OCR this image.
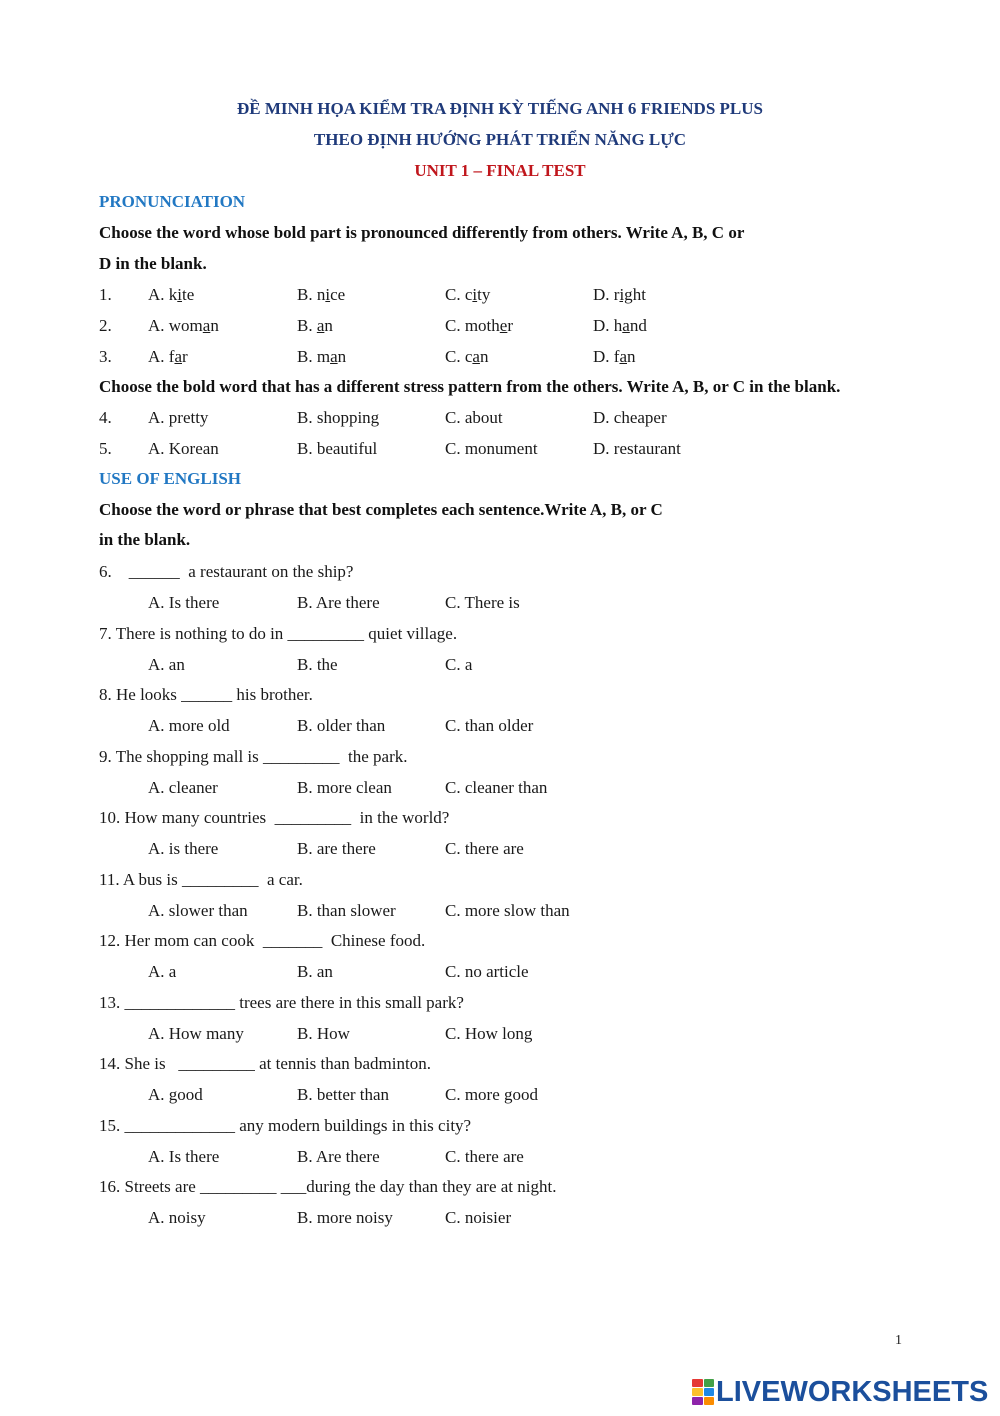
ĐỀ MINH HỌA KIỂM TRA ĐỊNH KỲ TIẾNG ANH 6 FRIENDS PLUS
THEO ĐỊNH HƯỚNG PHÁT TRIỂN NĂNG LỰC
UNIT 1 – FINAL TEST
PRONUNCIATION
Choose the word whose bold part is pronounced differently from others. Write A, B, C or
D in the blank.
1. A. kite	B. nice	C. city	D. right
2. A. woman	B. an	C. mother	D. hand
3. A. far	B. man	C. can	D. fan
Choose the bold word that has a different stress pattern from the others. Write A, B, or C in the blank.
4. A. pretty	B. shopping	C. about	D. cheaper
5. A. Korean	B. beautiful	C. monument	D. restaurant
USE OF ENGLISH
Choose the word or phrase that best completes each sentence.Write A, B, or C
in the blank.
6.    ______  a restaurant on the ship?
A. Is there	B. Are there	C. There is
7. There is nothing to do in _________ quiet village.
A. an	B. the	C. a
8. He looks ______ his brother.
A. more old	B. older than	C. than older
9. The shopping mall is _________  the park.
A. cleaner	B. more clean	C. cleaner than
10. How many countries  _________  in the world?
A. is there	B. are there	C. there are
11. A bus is _________  a car.
A. slower than	B. than slower	C. more slow than
12. Her mom can cook  _______  Chinese food.
A. a	B. an	C. no article
13. _____________ trees are there in this small park?
A. How many	B. How	C. How long
14. She is   _________ at tennis than badminton.
A. good	B. better than	C. more good
15. _____________ any modern buildings in this city?
A. Is there	B. Are there	C. there are
16. Streets are _________ ___during the day than they are at night.
A. noisy	B. more noisy	C. noisier
1
LIVEWORKSHEETS
